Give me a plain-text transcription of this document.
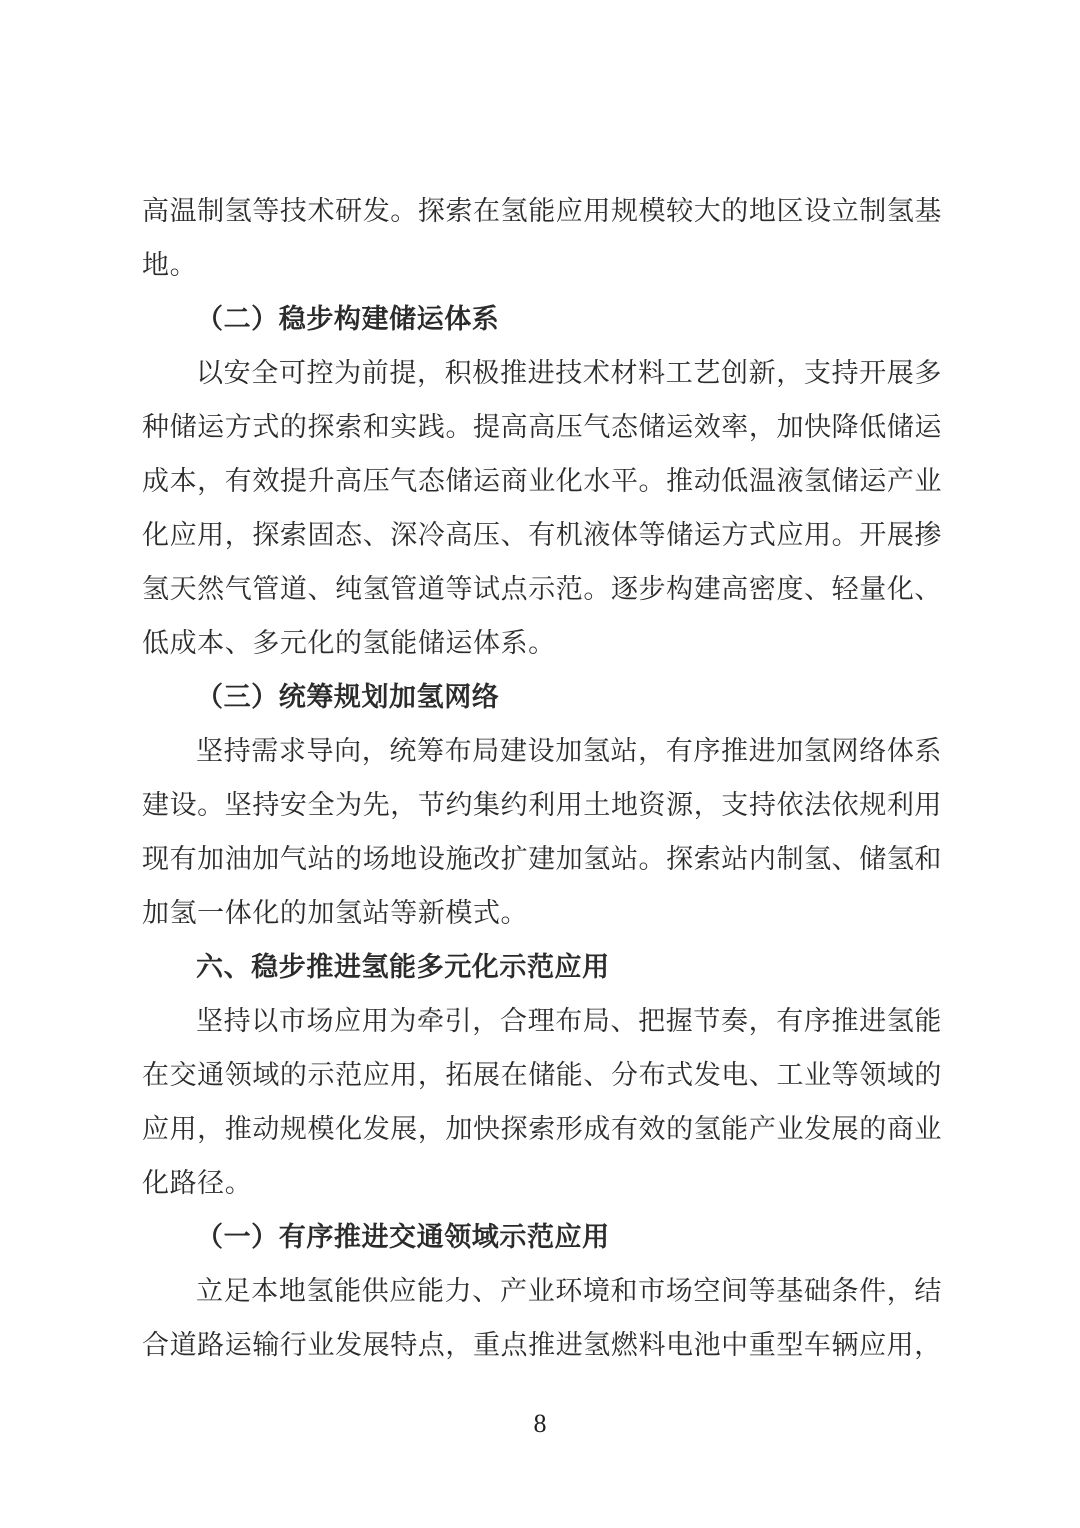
高温制氢等技术研发。探索在氢能应用规模较大的地区设立制氢基地。

（二）稳步构建储运体系

以安全可控为前提，积极推进技术材料工艺创新，支持开展多种储运方式的探索和实践。提高高压气态储运效率，加快降低储运成本，有效提升高压气态储运商业化水平。推动低温液氢储运产业化应用，探索固态、深冷高压、有机液体等储运方式应用。开展掺氢天然气管道、纯氢管道等试点示范。逐步构建高密度、轻量化、低成本、多元化的氢能储运体系。

（三）统筹规划加氢网络

坚持需求导向，统筹布局建设加氢站，有序推进加氢网络体系建设。坚持安全为先，节约集约利用土地资源，支持依法依规利用现有加油加气站的场地设施改扩建加氢站。探索站内制氢、储氢和加氢一体化的加氢站等新模式。

六、稳步推进氢能多元化示范应用

坚持以市场应用为牵引，合理布局、把握节奏，有序推进氢能在交通领域的示范应用，拓展在储能、分布式发电、工业等领域的应用，推动规模化发展，加快探索形成有效的氢能产业发展的商业化路径。

（一）有序推进交通领域示范应用

立足本地氢能供应能力、产业环境和市场空间等基础条件，结合道路运输行业发展特点，重点推进氢燃料电池中重型车辆应用，

8
